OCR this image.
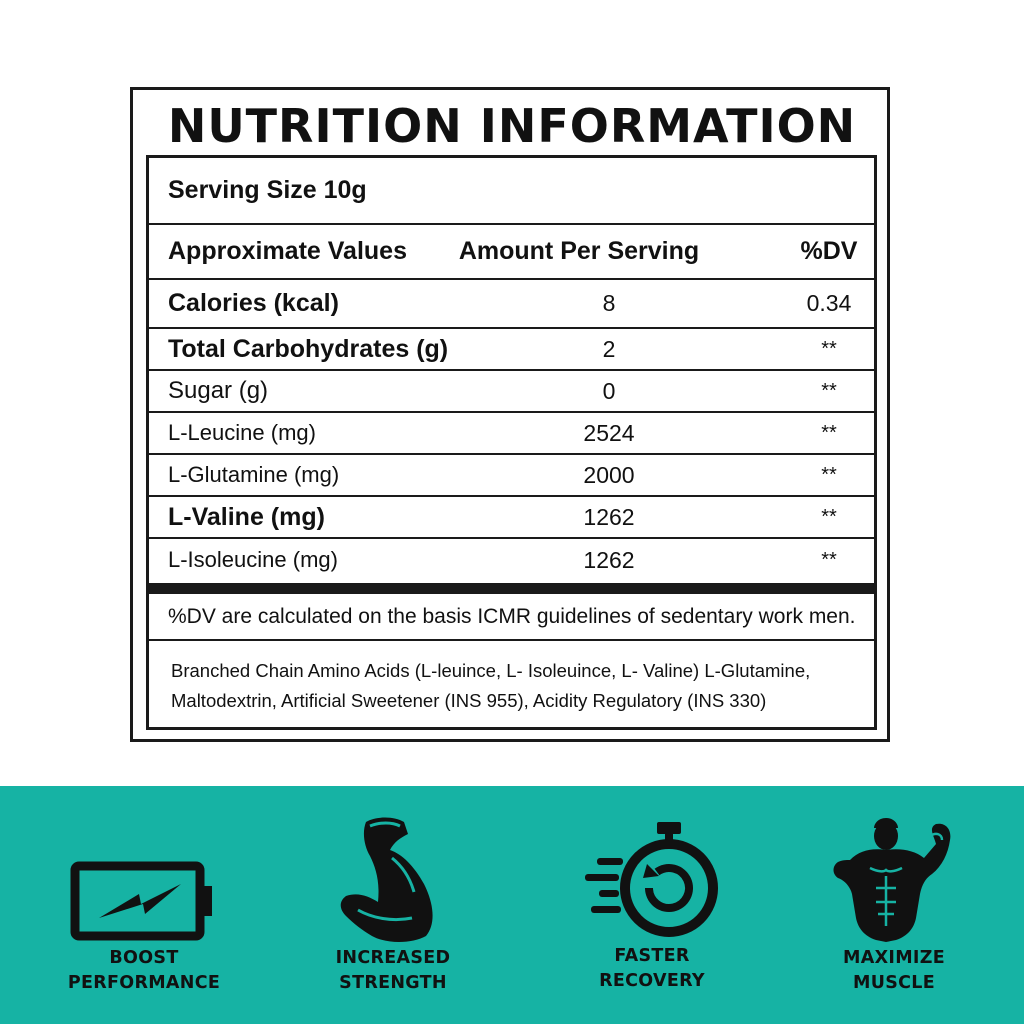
NUTRITION INFORMATION
Serving Size 10g
Approximate Values	Amount Per Serving	%DV
Calories (kcal)	8	0.34
Total Carbohydrates (g)	2	**
Sugar (g)	0	**
L-Leucine (mg)	2524	**
L-Glutamine (mg)	2000	**
L-Valine (mg)	1262	**
L-Isoleucine (mg)	1262	**
%DV are calculated on the basis ICMR guidelines of sedentary work men.
Branched Chain Amino Acids (L-leuince, L- Isoleuince, L- Valine) L-Glutamine,
Maltodextrin, Artificial Sweetener (INS 955), Acidity Regulatory (INS 330)
BOOST
PERFORMANCE
INCREASED
STRENGTH
FASTER
RECOVERY
MAXIMIZE
MUSCLE
